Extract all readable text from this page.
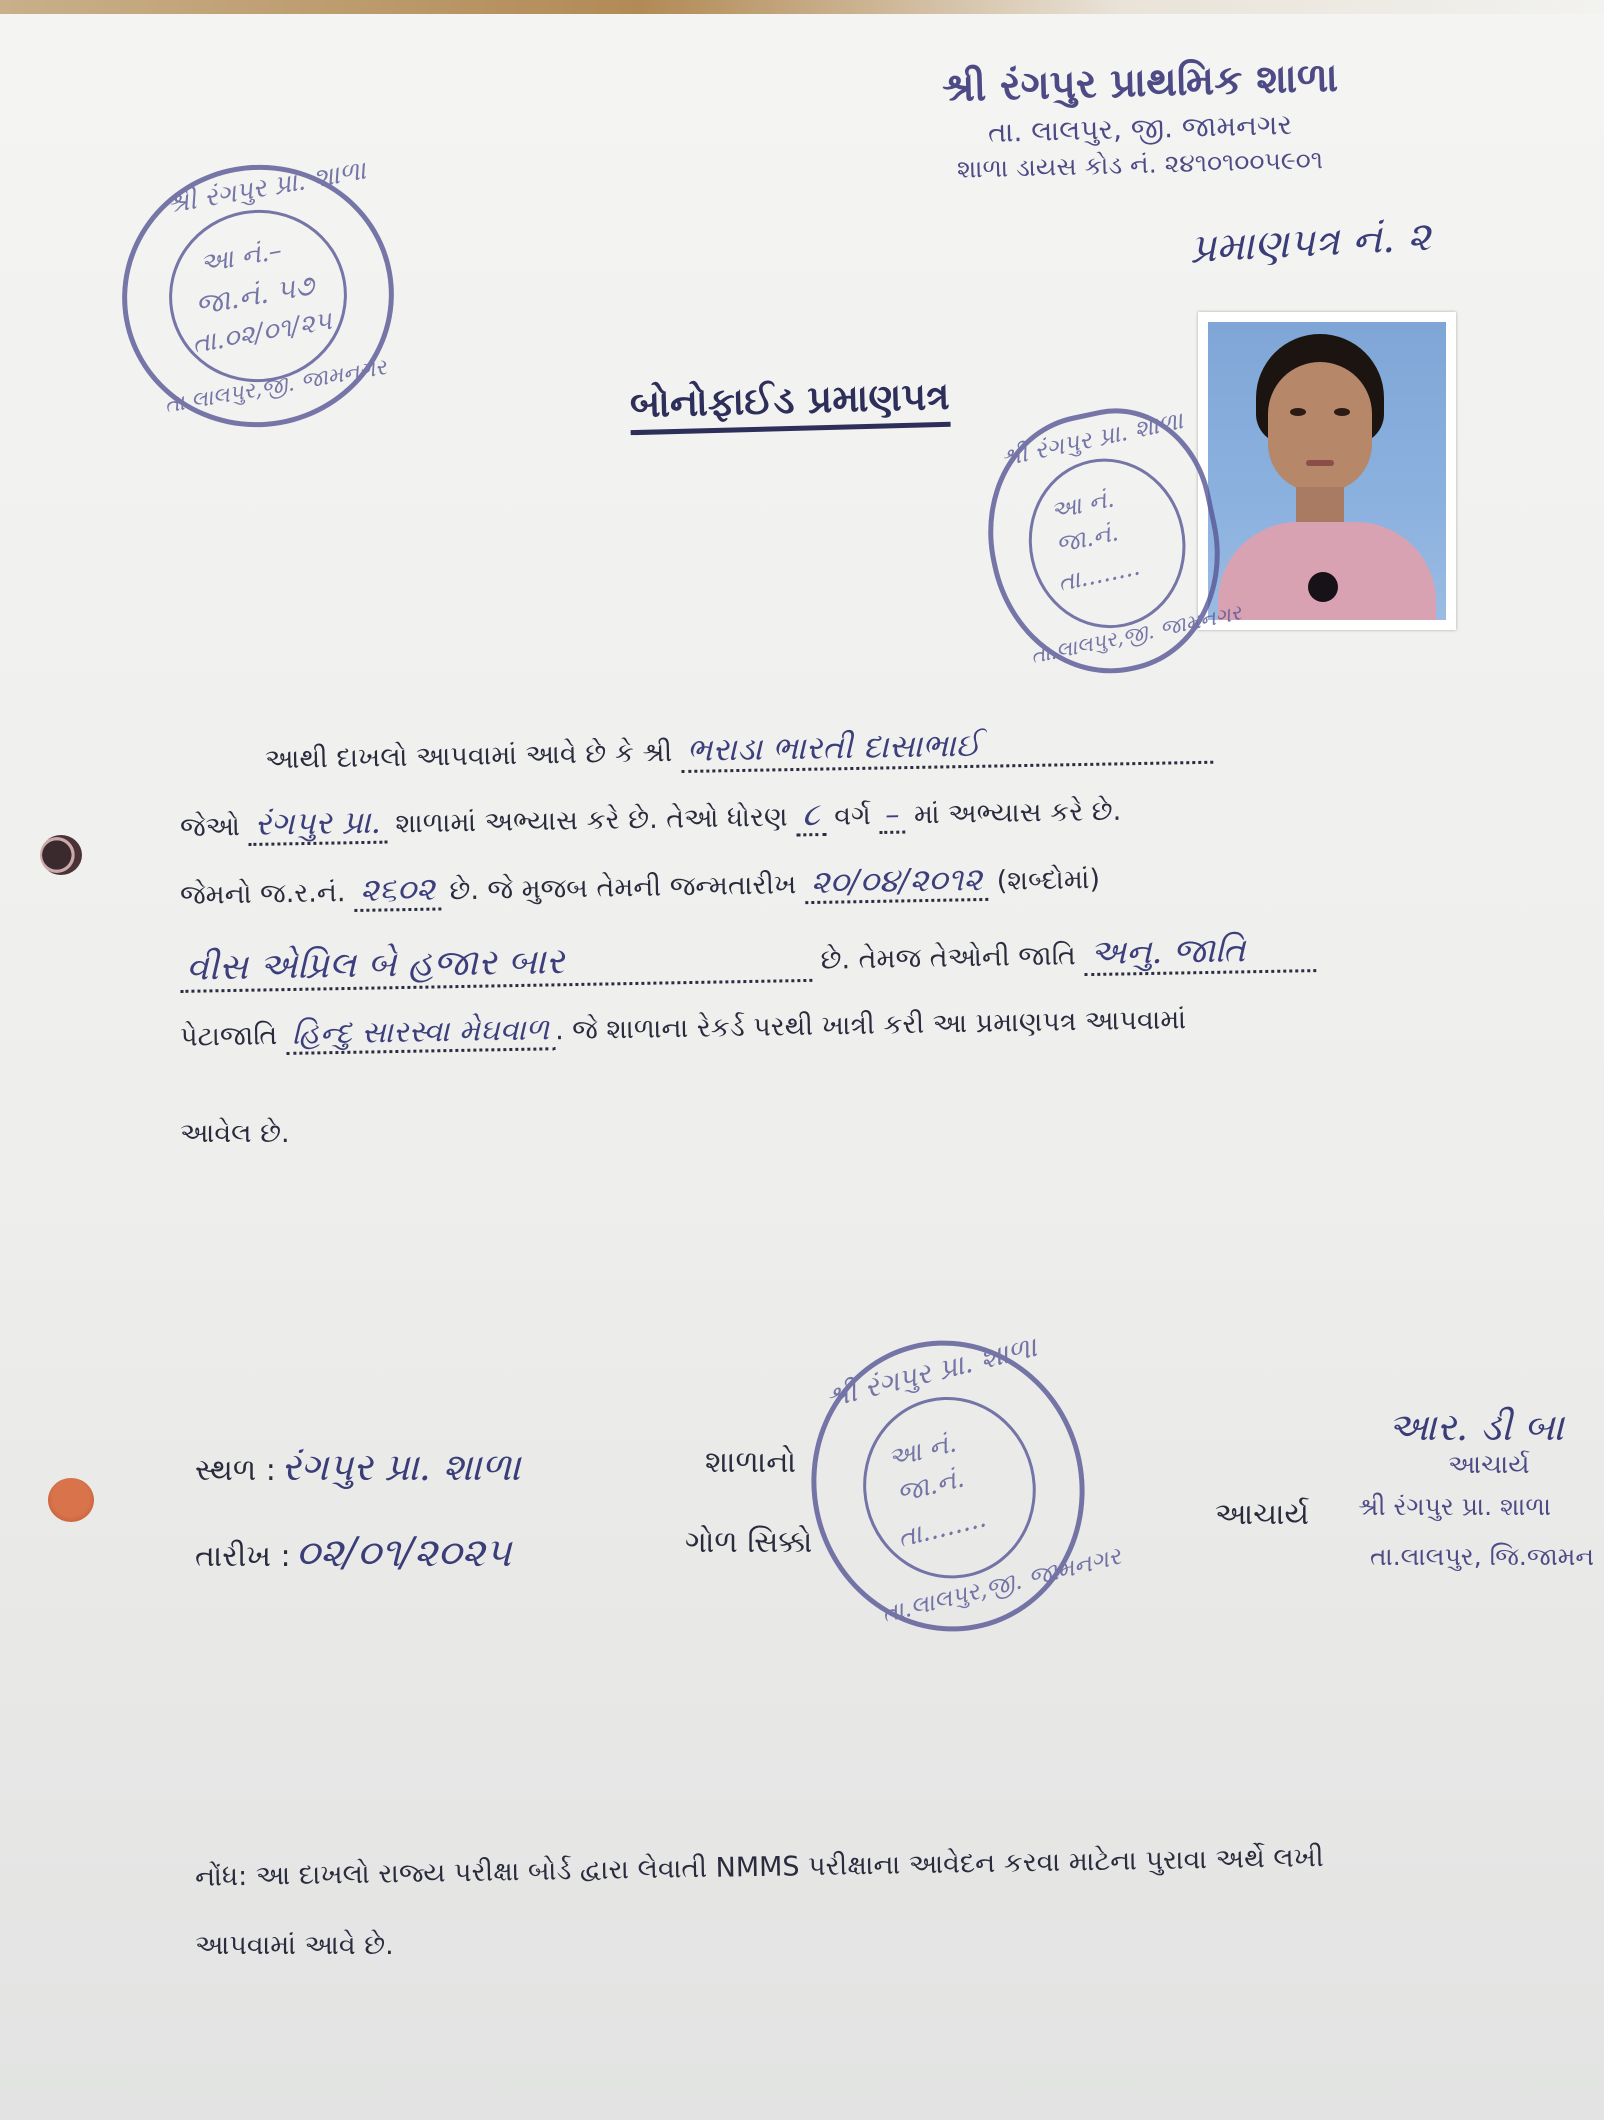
શ્રી રંગપુર પ્રાથમિક શાળા
તા. લાલપુર, જી. જામનગર
શાળા ડાયસ કોડ નં. ૨૪૧૦૧૦૦૫૯૦૧
પ્રમાણપત્ર નં. ૨
બોનોફાઈડ પ્રમાણપત્ર
શ્રી રંગપુર પ્રા. શાળા
આ નં.–
જા.નં. ૫૭
તા.૦૨/૦૧/૨૫
તા.લાલપુર,જી. જામનગર
શ્રી રંગપુર પ્રા. શાળા
આ નં.
જા.નં.
તા........
તા.લાલપુર,જી. જામનગર
આથી દાખલો આપવામાં આવે છે કે શ્રી ભરાડા ભારતી દાસાભાઈ
જેઓ રંગપુર પ્રા. શાળામાં અભ્યાસ કરે છે. તેઓ ધોરણ ૮ વર્ગ – માં અભ્યાસ કરે છે.
જેમનો જ.ર.નં. ૨૬૦૨ છે. જે મુજબ તેમની જન્મતારીખ ૨૦/૦૪/૨૦૧૨ (શબ્દોમાં)
વીસ એપ્રિલ બે હજાર બાર	છે. તેમજ તેઓની જાતિ અનુ. જાતિ
પેટાજાતિ હિન્દુ સારસ્વા મેઘવાળ . જે શાળાના રેકર્ડ પરથી ખાત્રી કરી આ પ્રમાણપત્ર આપવામાં
આવેલ છે.
સ્થળ : રંગપુર પ્રા. શાળા
તારીખ : ૦૨/૦૧/૨૦૨૫
શાળાનો
ગોળ સિક્કો
શ્રી રંગપુર પ્રા. શાળા
આ નં.
જા.નં.
તા........
તા.લાલપુર,જી. જામનગર
આચાર્ય
આર. ડી બા
આચાર્ય
શ્રી રંગપુર પ્રા. શાળા
તા.લાલપુર, જિ.જામન
નોંધ: આ દાખલો રાજ્ય પરીક્ષા બોર્ડ દ્વારા લેવાતી NMMS પરીક્ષાના આવેદન કરવા માટેના પુરાવા અર્થે લખી
આપવામાં આવે છે.
